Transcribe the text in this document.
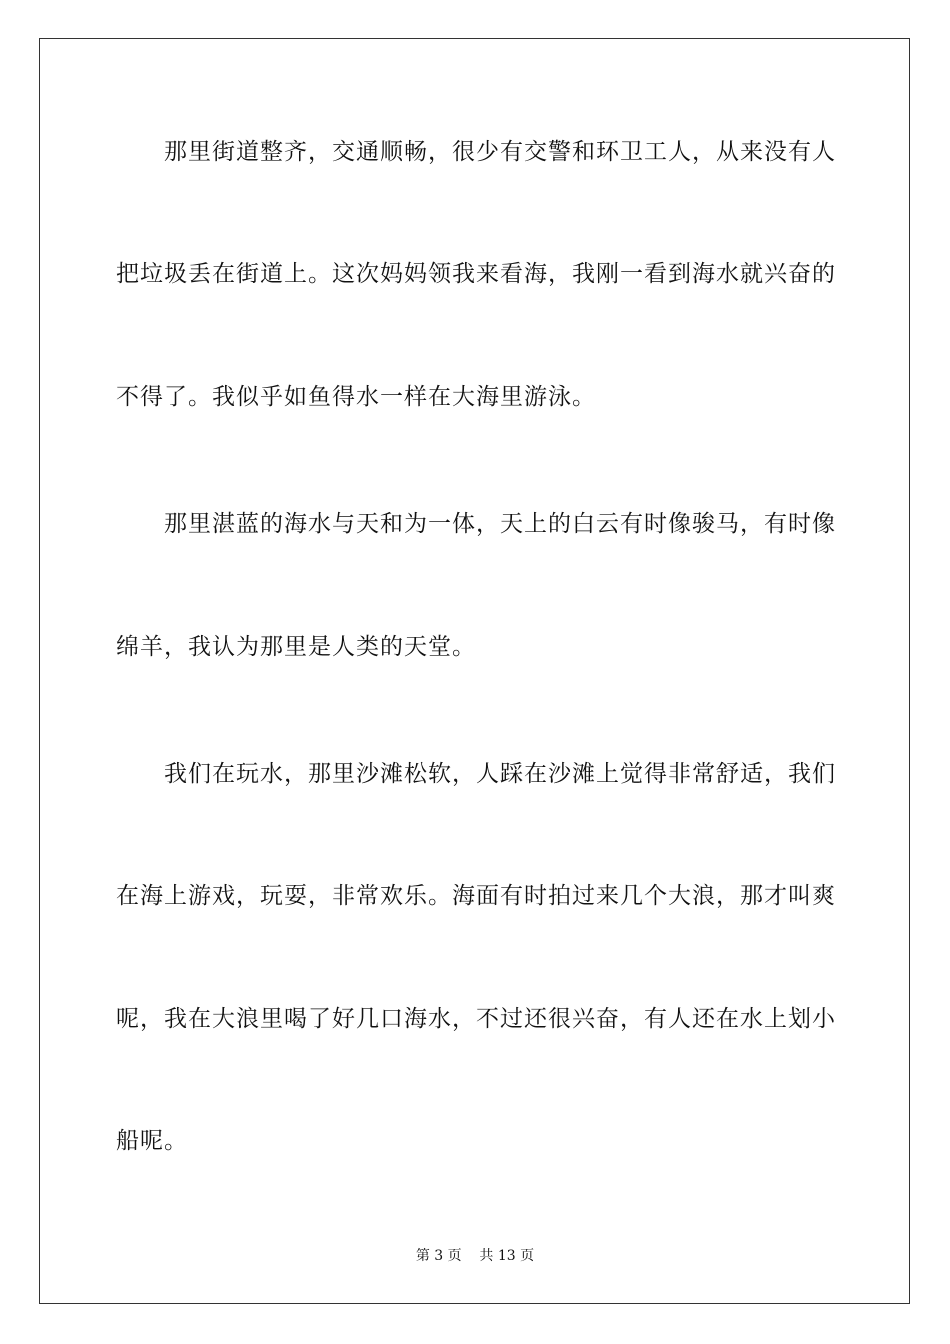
那里街道整齐，交通顺畅，很少有交警和环卫工人，从来没有人
把垃圾丢在街道上。这次妈妈领我来看海，我刚一看到海水就兴奋的
不得了。我似乎如鱼得水一样在大海里游泳。
那里湛蓝的海水与天和为一体，天上的白云有时像骏马，有时像
绵羊，我认为那里是人类的天堂。
我们在玩水，那里沙滩松软，人踩在沙滩上觉得非常舒适，我们
在海上游戏，玩耍，非常欢乐。海面有时拍过来几个大浪，那才叫爽
呢，我在大浪里喝了好几口海水，不过还很兴奋，有人还在水上划小
船呢。
第 3 页    共 13 页
